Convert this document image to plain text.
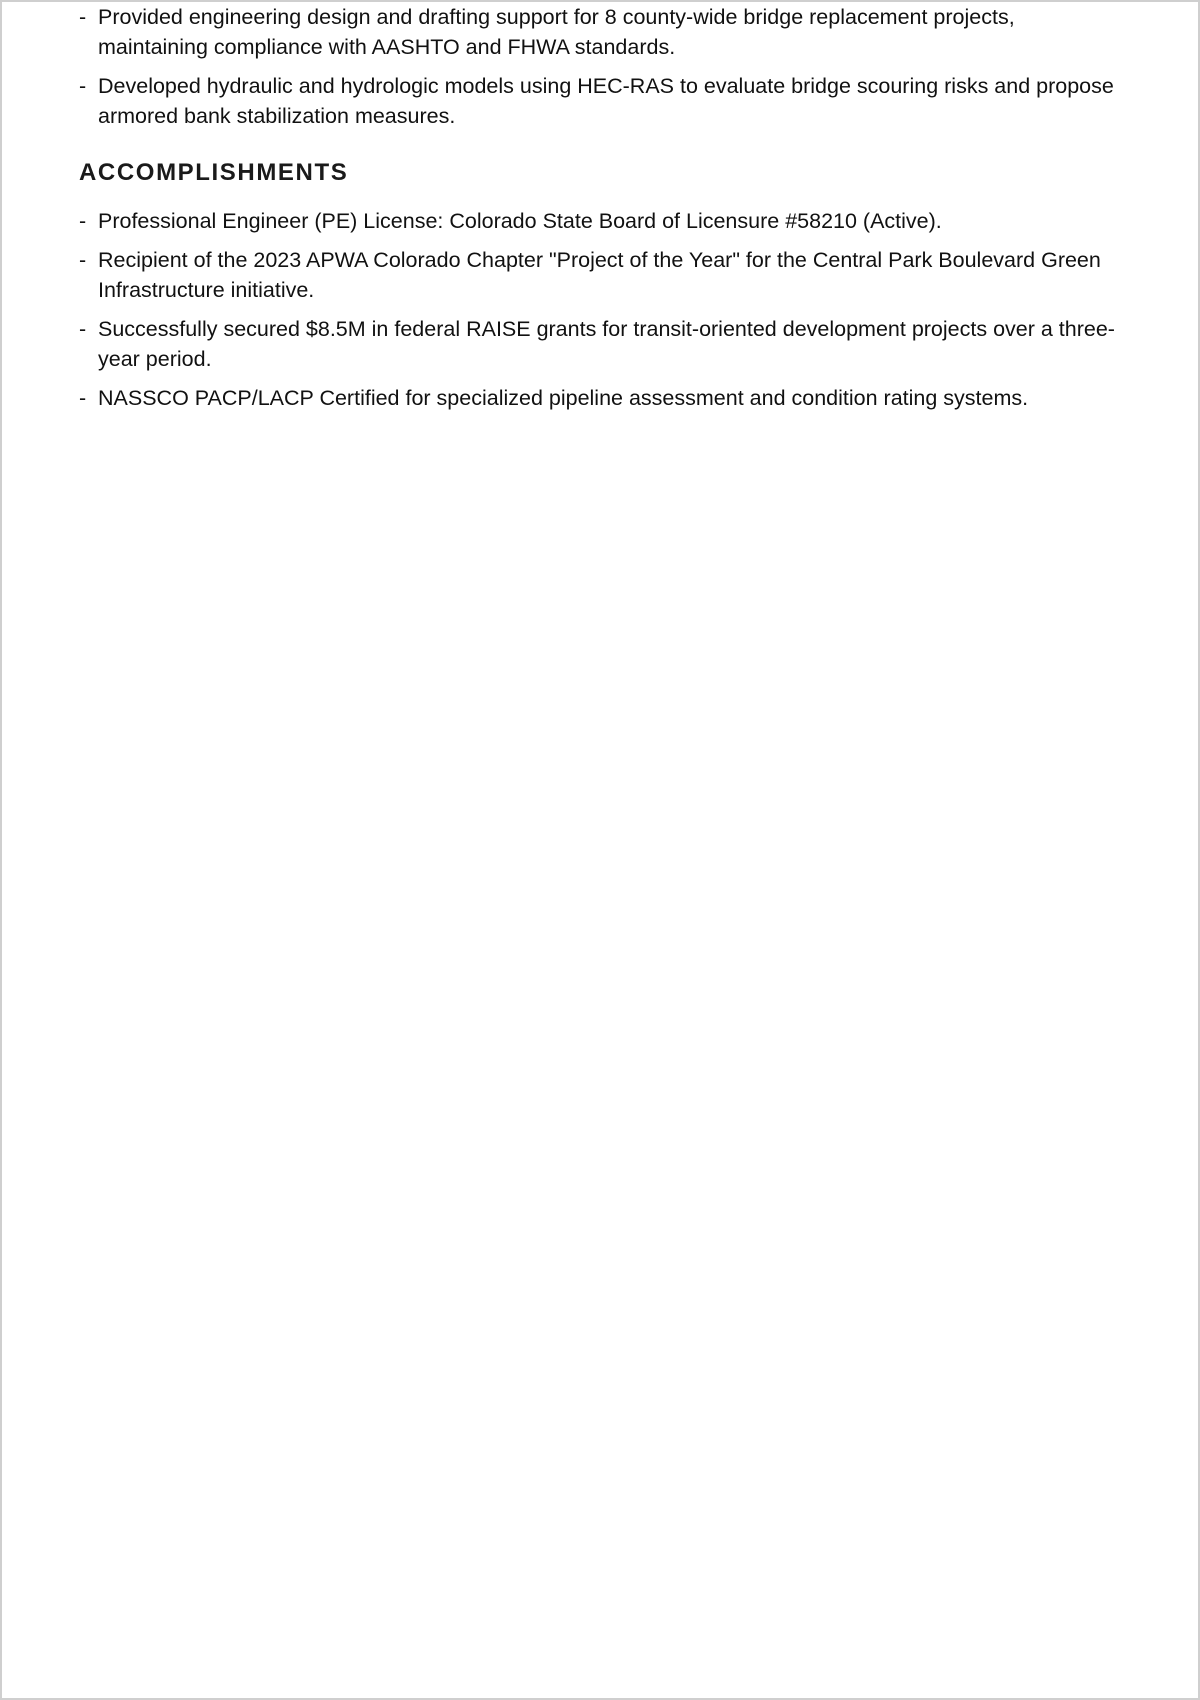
- Provided engineering design and drafting support for 8 county-wide bridge replacement projects, maintaining compliance with AASHTO and FHWA standards.
- Developed hydraulic and hydrologic models using HEC-RAS to evaluate bridge scouring risks and propose armored bank stabilization measures.
ACCOMPLISHMENTS
- Professional Engineer (PE) License: Colorado State Board of Licensure #58210 (Active).
- Recipient of the 2023 APWA Colorado Chapter "Project of the Year" for the Central Park Boulevard Green Infrastructure initiative.
- Successfully secured $8.5M in federal RAISE grants for transit-oriented development projects over a three-year period.
- NASSCO PACP/LACP Certified for specialized pipeline assessment and condition rating systems.
